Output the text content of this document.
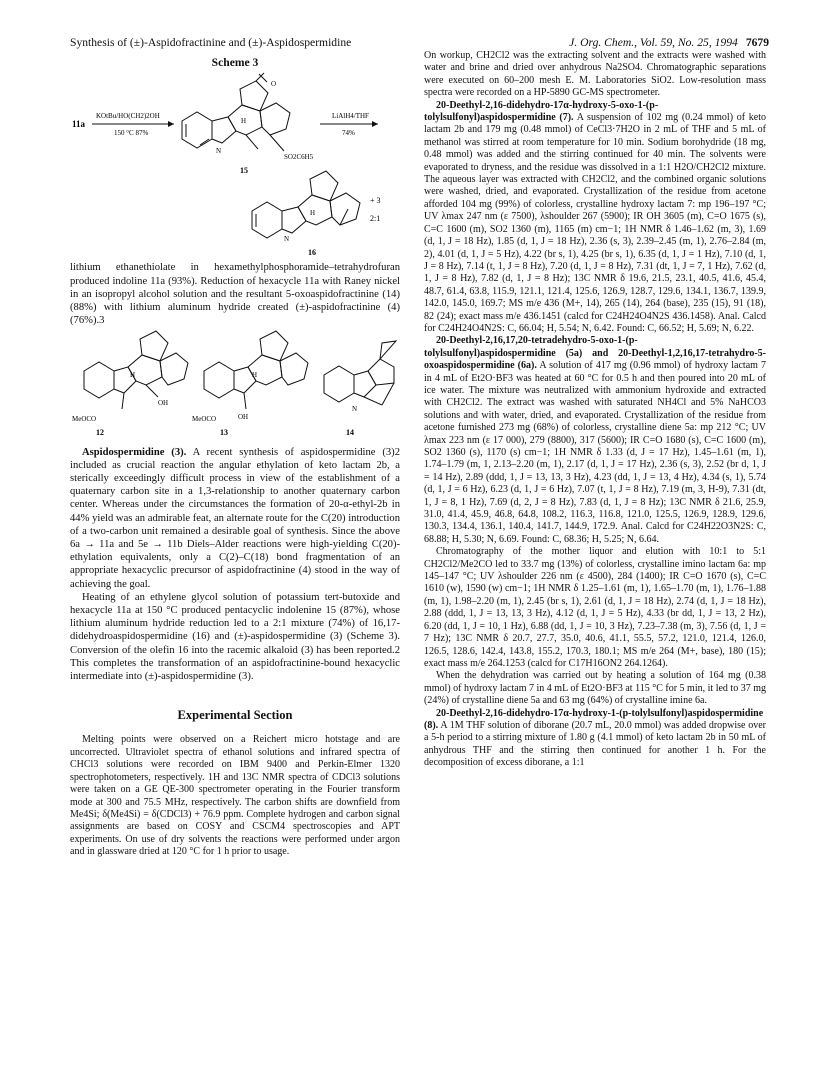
Synthesis of (±)-Aspidofractinine and (±)-Aspidospermidine	J. Org. Chem., Vol. 59, No. 25, 1994 7679
Scheme 3
11a
KOtBu/HO(CH2)2OH
150 °C 87%
N
H
O
SO2C6H5
15
LiAlH4/THF
74%
N
H
+ 3
2:1
16

lithium ethanethiolate in hexamethylphosphoramide–tetrahydrofuran produced indoline 11a (93%). Reduction of hexacycle 11a with Raney nickel in an isopropyl alcohol solution and the resultant 5-oxoaspidofractinine (14) (88%) with lithium aluminum hydride created (±)-aspidofractinine (4) (76%).3

H
OH
MeOCO
12
H
OH
MeOCO
13
N
14

Aspidospermidine (3). A recent synthesis of aspidospermidine (3)2 included as crucial reaction the angular ethylation of keto lactam 2b, a sterically exceedingly difficult process in view of the establishment of a quaternary carbon site in a 1,3-relationship to another quaternary carbon center. Whereas under the circumstances the formation of 20-α-ethyl-2b in 44% yield was an admirable feat, an alternate route for the C(20) introduction of a two-carbon unit remained a desirable goal of synthesis. Since the above 6a → 11a and 5e → 11b Diels–Alder reactions were high-yielding C(20)-ethylation equivalents, only a C(2)–C(18) bond fragmentation of an appropriate hexacyclic precursor of aspidofractinine (4) stood in the way of achieving the goal.

Heating of an ethylene glycol solution of potassium tert-butoxide and hexacycle 11a at 150 °C produced pentacyclic indolenine 15 (87%), whose lithium aluminum hydride reduction led to a 2:1 mixture (74%) of 16,17-didehydroaspidospermidine (16) and (±)-aspidospermidine (3) (Scheme 3). Conversion of the olefin 16 into the racemic alkaloid (3) has been reported.2 This completes the transformation of an aspidofractinine-bound hexacyclic intermediate into (±)-aspidospermidine (3).

Experimental Section

Melting points were observed on a Reichert micro hotstage and are uncorrected. Ultraviolet spectra of ethanol solutions and infrared spectra of CHCl3 solutions were recorded on IBM 9400 and Perkin-Elmer 1320 spectrophotometers, respectively. 1H and 13C NMR spectra of CDCl3 solutions were taken on a GE QE-300 spectrometer operating in the Fourier transform mode at 300 and 75.5 MHz, respectively. The carbon shifts are downfield from Me4Si; δ(Me4Si) = δ(CDCl3) + 76.9 ppm. Complete hydrogen and carbon signal assignments are based on COSY and CSCM4 spectroscopies and APT experiments. On use of dry solvents the reactions were performed under argon and in glassware dried at 120 °C for 1 h prior to usage.

On workup, CH2Cl2 was the extracting solvent and the extracts were washed with water and brine and dried over anhydrous Na2SO4. Chromatographic separations were executed on 60–200 mesh E. M. Laboratories SiO2. Low-resolution mass spectra were recorded on a HP-5890 GC-MS spectrometer.

20-Deethyl-2,16-didehydro-17α-hydroxy-5-oxo-1-(p-tolylsulfonyl)aspidospermidine (7). A suspension of 102 mg (0.24 mmol) of keto lactam 2b and 179 mg (0.48 mmol) of CeCl3·7H2O in 2 mL of THF and 5 mL of methanol was stirred at room temperature for 10 min. Sodium borohydride (18 mg, 0.48 mmol) was added and the stirring continued for 40 min. The solvents were evaporated to dryness, and the residue was dissolved in a 1:1 H2O/CH2Cl2 mixture. The aqueous layer was extracted with CH2Cl2, and the combined organic solutions were washed, dried, and evaporated. Crystallization of the residue from acetone afforded 104 mg (99%) of colorless, crystalline hydroxy lactam 7: mp 196–197 °C; UV λmax 247 nm (ε 7500), λshoulder 267 (5900); IR OH 3605 (m), C=O 1675 (s), C=C 1600 (m), SO2 1360 (m), 1165 (m) cm−1; 1H NMR δ 1.46–1.62 (m, 3), 1.69 (d, 1, J = 18 Hz), 1.85 (d, 1, J = 18 Hz), 2.36 (s, 3), 2.39–2.45 (m, 1), 2.76–2.84 (m, 2), 4.01 (d, 1, J = 5 Hz), 4.22 (br s, 1), 4.25 (br s, 1), 6.35 (d, 1, J = 1 Hz), 7.10 (d, 1, J = 8 Hz), 7.14 (t, 1, J = 8 Hz), 7.20 (d, 1, J = 8 Hz), 7.31 (dt, 1, J = 7, 1 Hz), 7.62 (d, 1, J = 8 Hz), 7.82 (d, 1, J = 8 Hz); 13C NMR δ 19.6, 21.5, 23.1, 40.5, 41.6, 45.4, 48.7, 61.4, 63.8, 115.9, 121.1, 121.4, 125.6, 126.9, 128.7, 129.6, 134.1, 136.7, 139.9, 142.0, 145.0, 169.7; MS m/e 436 (M+, 14), 265 (14), 264 (base), 235 (15), 91 (18), 82 (24); exact mass m/e 436.1451 (calcd for C24H24O4N2S 436.1458). Anal. Calcd for C24H24O4N2S: C, 66.04; H, 5.54; N, 6.42. Found: C, 66.52; H, 5.69; N, 6.22.

20-Deethyl-2,16,17,20-tetradehydro-5-oxo-1-(p-tolylsulfonyl)aspidospermidine (5a) and 20-Deethyl-1,2,16,17-tetrahydro-5-oxoaspidospermidine (6a). A solution of 417 mg (0.96 mmol) of hydroxy lactam 7 in 4 mL of Et2O·BF3 was heated at 60 °C for 0.5 h and then poured into 20 mL of ice water. The mixture was neutralized with ammonium hydroxide and extracted with CH2Cl2. The extract was washed with saturated NH4Cl and 5% NaHCO3 solutions and with water, dried, and evaporated. Crystallization of the residue from acetone furnished 273 mg (68%) of colorless, crystalline diene 5a: mp 212 °C; UV λmax 223 nm (ε 17 000), 279 (8800), 317 (5600); IR C=O 1680 (s), C=C 1600 (m), SO2 1360 (s), 1170 (s) cm−1; 1H NMR δ 1.33 (d, J = 17 Hz), 1.45–1.61 (m, 1), 1.74–1.79 (m, 1, 2.13–2.20 (m, 1), 2.17 (d, 1, J = 17 Hz), 2.36 (s, 3), 2.52 (br d, 1, J = 14 Hz), 2.89 (ddd, 1, J = 13, 13, 3 Hz), 4.23 (dd, 1, J = 13, 4 Hz), 4.34 (s, 1), 5.74 (d, 1, J = 6 Hz), 6.23 (d, 1, J = 6 Hz), 7.07 (t, 1, J = 8 Hz), 7.19 (m, 3, H-9), 7.31 (dt, 1, J = 8, 1 Hz), 7.69 (d, 2, J = 8 Hz), 7.83 (d, 1, J = 8 Hz); 13C NMR δ 21.6, 25.9, 31.0, 41.4, 45.9, 46.8, 64.8, 108.2, 116.3, 116.8, 121.0, 125.5, 126.9, 128.9, 129.6, 130.3, 134.4, 136.1, 140.4, 141.7, 144.9, 172.9. Anal. Calcd for C24H22O3N2S: C, 68.88; H, 5.30; N, 6.69. Found: C, 68.36; H, 5.25; N, 6.64.

Chromatography of the mother liquor and elution with 10:1 to 5:1 CH2Cl2/Me2CO led to 33.7 mg (13%) of colorless, crystalline imino lactam 6a: mp 145–147 °C; UV λshoulder 226 nm (ε 4500), 284 (1400); IR C=O 1670 (s), C=C 1610 (w), 1590 (w) cm−1; 1H NMR δ 1.25–1.61 (m, 1), 1.65–1.70 (m, 1), 1.76–1.88 (m, 1), 1.98–2.20 (m, 1), 2.45 (br s, 1), 2.61 (d, 1, J = 18 Hz), 2.74 (d, 1, J = 18 Hz), 2.88 (ddd, 1, J = 13, 13, 3 Hz), 4.12 (d, 1, J = 5 Hz), 4.33 (br dd, 1, J = 13, 2 Hz), 6.20 (dd, 1, J = 10, 1 Hz), 6.88 (dd, 1, J = 10, 3 Hz), 7.23–7.38 (m, 3), 7.56 (d, 1, J = 7 Hz); 13C NMR δ 20.7, 27.7, 35.0, 40.6, 41.1, 55.5, 57.2, 121.0, 121.4, 126.0, 126.5, 128.6, 142.4, 143.8, 155.2, 170.3, 180.1; MS m/e 264 (M+, base), 180 (15); exact mass m/e 264.1253 (calcd for C17H16ON2 264.1264).

When the dehydration was carried out by heating a solution of 164 mg (0.38 mmol) of hydroxy lactam 7 in 4 mL of Et2O·BF3 at 115 °C for 5 min, it led to 37 mg (24%) of crystalline diene 5a and 63 mg (64%) of crystalline imine 6a.

20-Deethyl-2,16-didehydro-17α-hydroxy-1-(p-tolylsulfonyl)aspidospermidine (8). A 1M THF solution of diborane (20.7 mL, 20.0 mmol) was added dropwise over a 5-h period to a stirring mixture of 1.80 g (4.1 mmol) of keto lactam 2b in 50 mL of anhydrous THF and the stirring then continued for another 1 h. For the decomposition of excess diborane, a 1:1
